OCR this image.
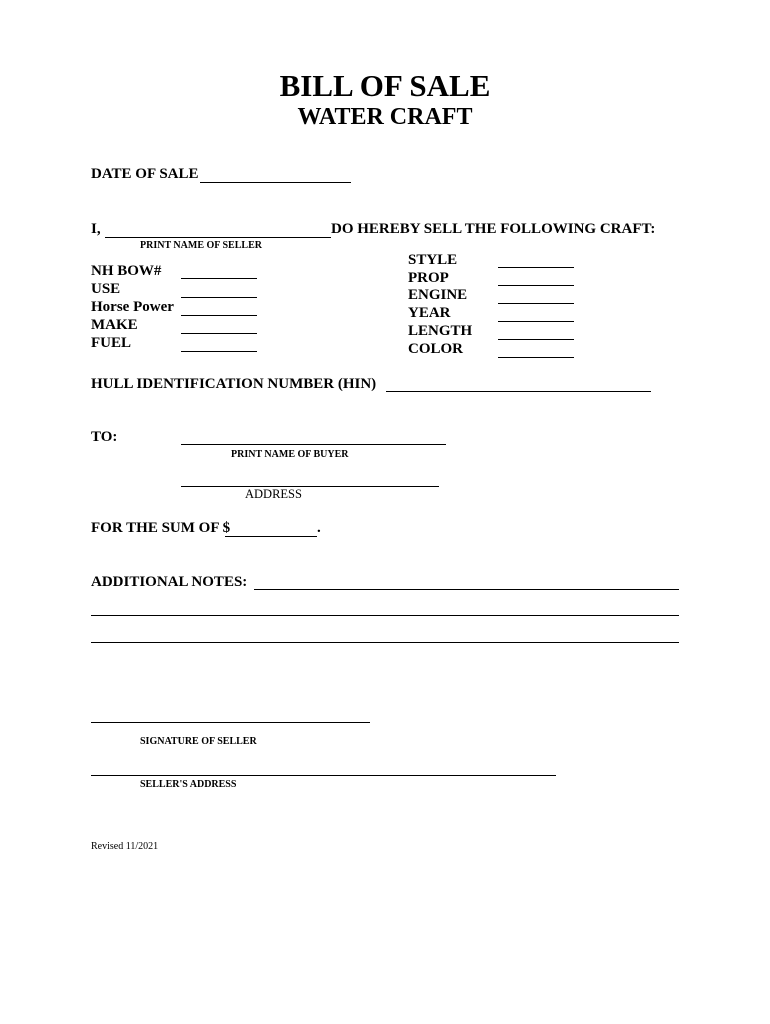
BILL OF SALE
WATER CRAFT
DATE OF SALE
I,	DO HEREBY SELL THE FOLLOWING CRAFT:
PRINT NAME OF SELLER
NH BOW#
USE
Horse Power
MAKE
FUEL
STYLE
PROP
ENGINE
YEAR
LENGTH
COLOR
HULL IDENTIFICATION NUMBER (HIN)
TO:
PRINT NAME OF BUYER
ADDRESS
FOR THE SUM OF $	.
ADDITIONAL NOTES:
SIGNATURE OF SELLER
SELLER'S ADDRESS
Revised 11/2021
